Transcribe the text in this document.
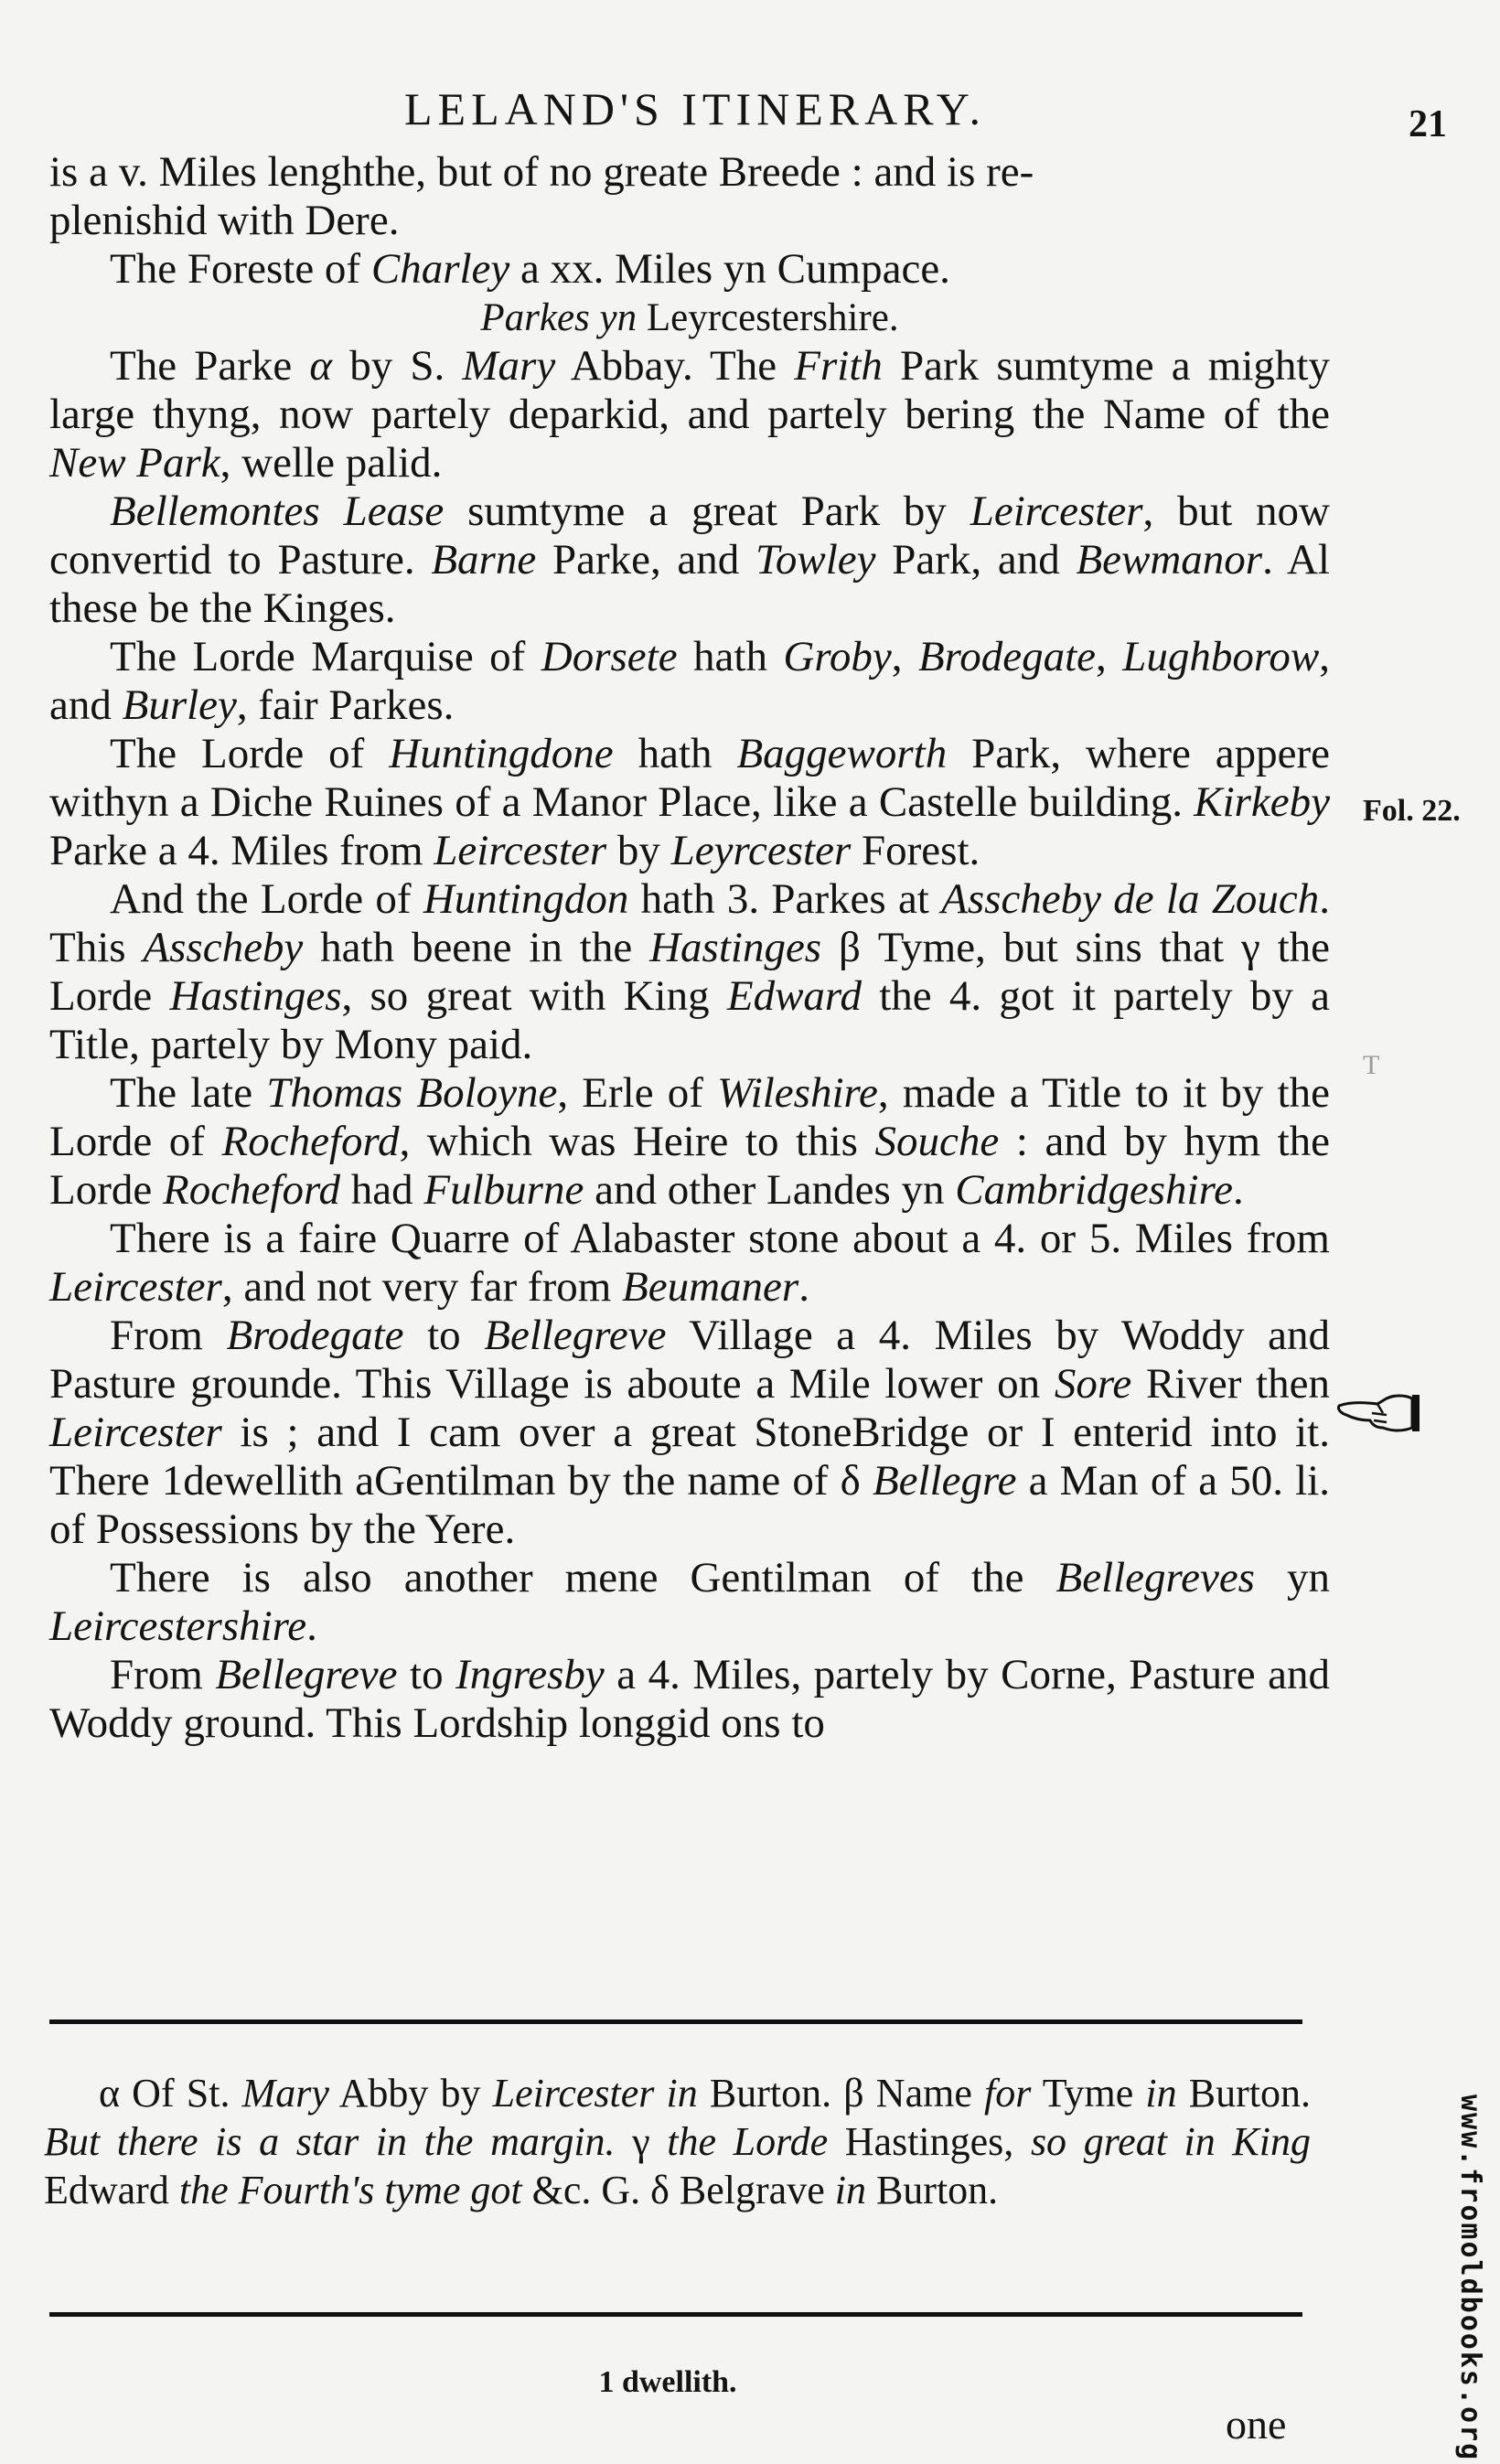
LELAND'S ITINERARY.	21
T
Fol. 22.

is a v. Miles lenghthe, but of no greate Breede : and is re-
plenishid with Dere.

The Foreste of Charley a xx. Miles yn Cumpace.

Parkes yn Leyrcestershire.

The Parke α by S. Mary Abbay. The Frith Park sumtyme a mighty large thyng, now partely deparkid, and partely bering the Name of the New Park, welle palid.

Bellemontes Lease sumtyme a great Park by Leircester, but now convertid to Pasture. Barne Parke, and Towley Park, and Bewmanor. Al these be the Kinges.

The Lorde Marquise of Dorsete hath Groby, Brodegate, Lughborow, and Burley, fair Parkes.

The Lorde of Huntingdone hath Baggeworth Park, where appere withyn a Diche Ruines of a Manor Place, like a Castelle building. Kirkeby Parke a 4. Miles from Leircester by Leyrcester Forest.

And the Lorde of Huntingdon hath 3. Parkes at Asscheby de la Zouch. This Asscheby hath beene in the Hastinges β Tyme, but sins that γ the Lorde Hastinges, so great with King Edward the 4. got it partely by a Title, partely by Mony paid.

The late Thomas Boloyne, Erle of Wileshire, made a Title to it by the Lorde of Rocheford, which was Heire to this Souche : and by hym the Lorde Rocheford had Fulburne and other Landes yn Cambridgeshire.

There is a faire Quarre of Alabaster stone about a 4. or 5. Miles from Leircester, and not very far from Beumaner.

From Brodegate to Bellegreve Village a 4. Miles by Woddy and Pasture grounde. This Village is aboute a Mile lower on Sore River then Leircester is ; and I cam over a great StoneBridge or I enterid into it. There 1dewellith aGentilman by the name of δ Bellegre a Man of a 50. li. of Possessions by the Yere.

There is also another mene Gentilman of the Bellegreves yn Leircestershire.

From Bellegreve to Ingresby a 4. Miles, partely by Corne, Pasture and Woddy ground. This Lordship longgid ons to

α Of St. Mary Abby by Leircester in Burton. β Name for Tyme in Burton. But there is a star in the margin. γ the Lorde Hastinges, so great in King Edward the Fourth's tyme got &c. G. δ Belgrave in Burton.

1 dwellith.
one	www.fromoldbooks.org
